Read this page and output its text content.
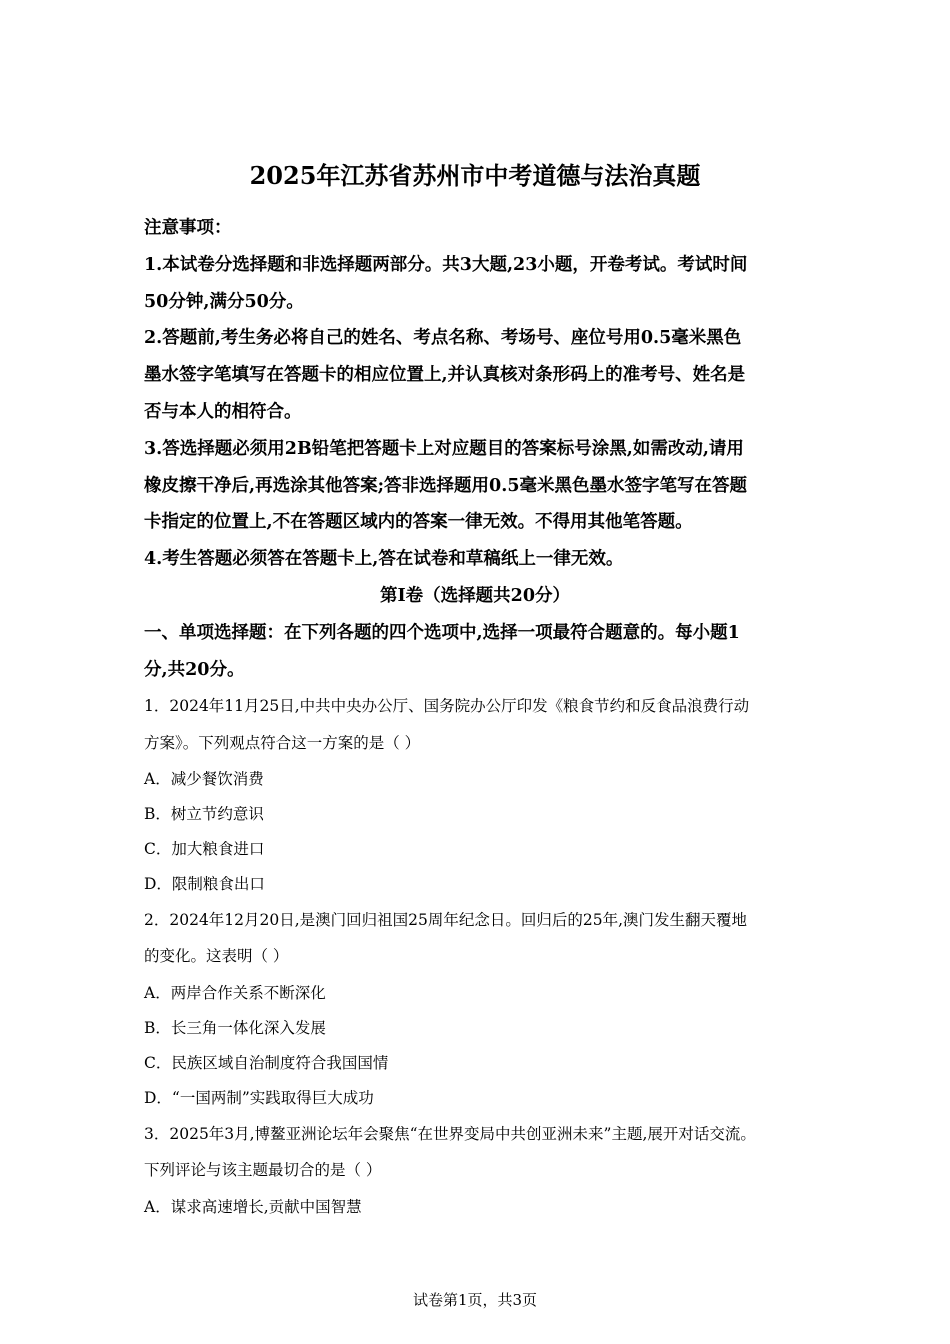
2025年江苏省苏州市中考道德与法治真题
注意事项：
1.本试卷分选择题和非选择题两部分。共3大题,23小题，开卷考试。考试时间
50分钟,满分50分。
2.答题前,考生务必将自己的姓名、考点名称、考场号、座位号用0.5毫米黑色
墨水签字笔填写在答题卡的相应位置上,并认真核对条形码上的准考号、姓名是
否与本人的相符合。
3.答选择题必须用2B铅笔把答题卡上对应题目的答案标号涂黑,如需改动,请用
橡皮擦干净后,再选涂其他答案;答非选择题用0.5毫米黑色墨水签字笔写在答题
卡指定的位置上,不在答题区域内的答案一律无效。不得用其他笔答题。
4.考生答题必须答在答题卡上,答在试卷和草稿纸上一律无效。
第I卷（选择题共20分）
一、单项选择题：在下列各题的四个选项中,选择一项最符合题意的。每小题1
分,共20分。
1．2024年11月25日,中共中央办公厅、国务院办公厅印发《粮食节约和反食品浪费行动
方案》。下列观点符合这一方案的是（ ）
A．减少餐饮消费
B．树立节约意识
C．加大粮食进口
D．限制粮食出口
2．2024年12月20日,是澳门回归祖国25周年纪念日。回归后的25年,澳门发生翻天覆地
的变化。这表明（ ）
A．两岸合作关系不断深化
B．长三角一体化深入发展
C．民族区域自治制度符合我国国情
D．“一国两制”实践取得巨大成功
3．2025年3月,博鳌亚洲论坛年会聚焦“在世界变局中共创亚洲未来”主题,展开对话交流。
下列评论与该主题最切合的是（ ）
A．谋求高速增长,贡献中国智慧
试卷第1页，共3页
